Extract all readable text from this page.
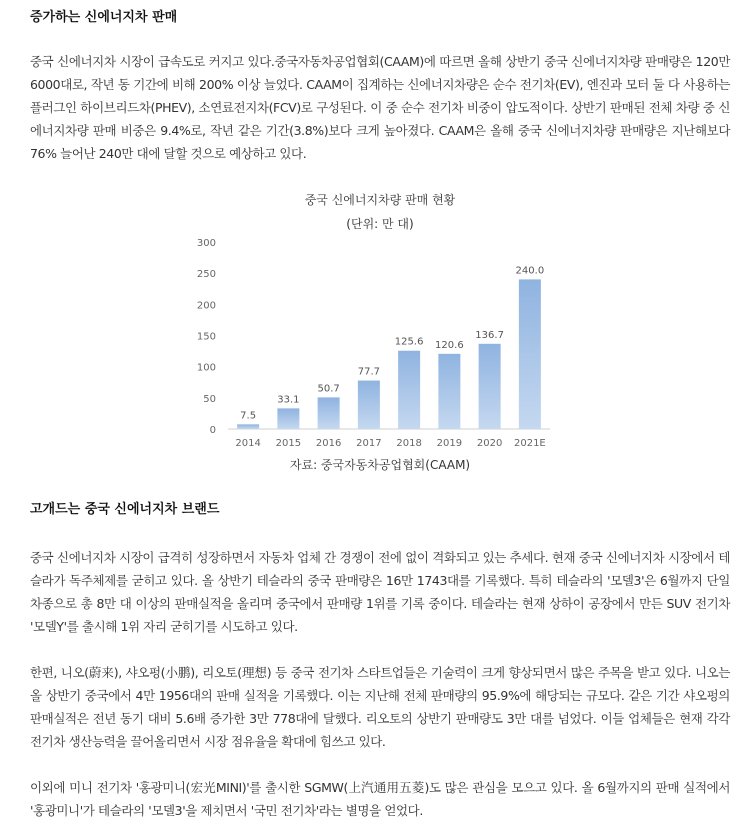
증가하는 신에너지차 판매

중국 신에너지차 시장이 급속도로 커지고 있다.중국자동차공업협회(CAAM)에 따르면 올해 상반기 중국 신에너지차량 판매량은 120만 6000대로, 작년 동 기간에 비해 200% 이상 늘었다. CAAM이 집계하는 신에너지차량은 순수 전기차(EV), 엔진과 모터 둘 다 사용하는 플러그인 하이브리드차(PHEV), 소연료전지차(FCV)로 구성된다. 이 중 순수 전기차 비중이 압도적이다. 상반기 판매된 전체 차량 중 신에너지차량 판매 비중은 9.4%로, 작년 같은 기간(3.8%)보다 크게 높아졌다. CAAM은 올해 중국 신에너지차량 판매량은 지난해보다 76% 늘어난 240만 대에 달할 것으로 예상하고 있다.

중국 신에너지차량 판매 현황
(단위: 만 대)
0
50
100
150
200
250
300
7.5
33.1
50.7
77.7
125.6 120.6
136.7
240.0
2014 2015 2016 2017 2018 2019 2020 2021E
자료: 중국자동차공업협회(CAAM)
고개드는 중국 신에너지차 브랜드

중국 신에너지차 시장이 급격히 성장하면서 자동차 업체 간 경쟁이 전에 없이 격화되고 있는 추세다. 현재 중국 신에너지차 시장에서 테슬라가 독주체제를 굳히고 있다. 올 상반기 테슬라의 중국 판매량은 16만 1743대를 기록했다. 특히 테슬라의 '모델3'은 6월까지 단일 차종으로 총 8만 대 이상의 판매실적을 올리며 중국에서 판매량 1위를 기록 중이다. 테슬라는 현재 상하이 공장에서 만든 SUV 전기차 '모델Y'를 출시해 1위 자리 굳히기를 시도하고 있다.

한편, 니오(蔚来), 샤오펑(小鹏), 리오토(理想) 등 중국 전기차 스타트업들은 기술력이 크게 향상되면서 많은 주목을 받고 있다. 니오는 올 상반기 중국에서 4만 1956대의 판매 실적을 기록했다. 이는 지난해 전체 판매량의 95.9%에 해당되는 규모다. 같은 기간 샤오펑의 판매실적은 전년 동기 대비 5.6배 증가한 3만 778대에 달했다. 리오토의 상반기 판매량도 3만 대를 넘었다. 이들 업체들은 현재 각각 전기차 생산능력을 끌어올리면서 시장 점유율을 확대에 힘쓰고 있다.

이외에 미니 전기차 '홍광미니(宏光MINI)'를 출시한 SGMW(上汽通用五菱)도 많은 관심을 모으고 있다. 올 6월까지의 판매 실적에서 '홍광미니'가 테슬라의 '모델3'을 제치면서 '국민 전기차'라는 별명을 얻었다.
